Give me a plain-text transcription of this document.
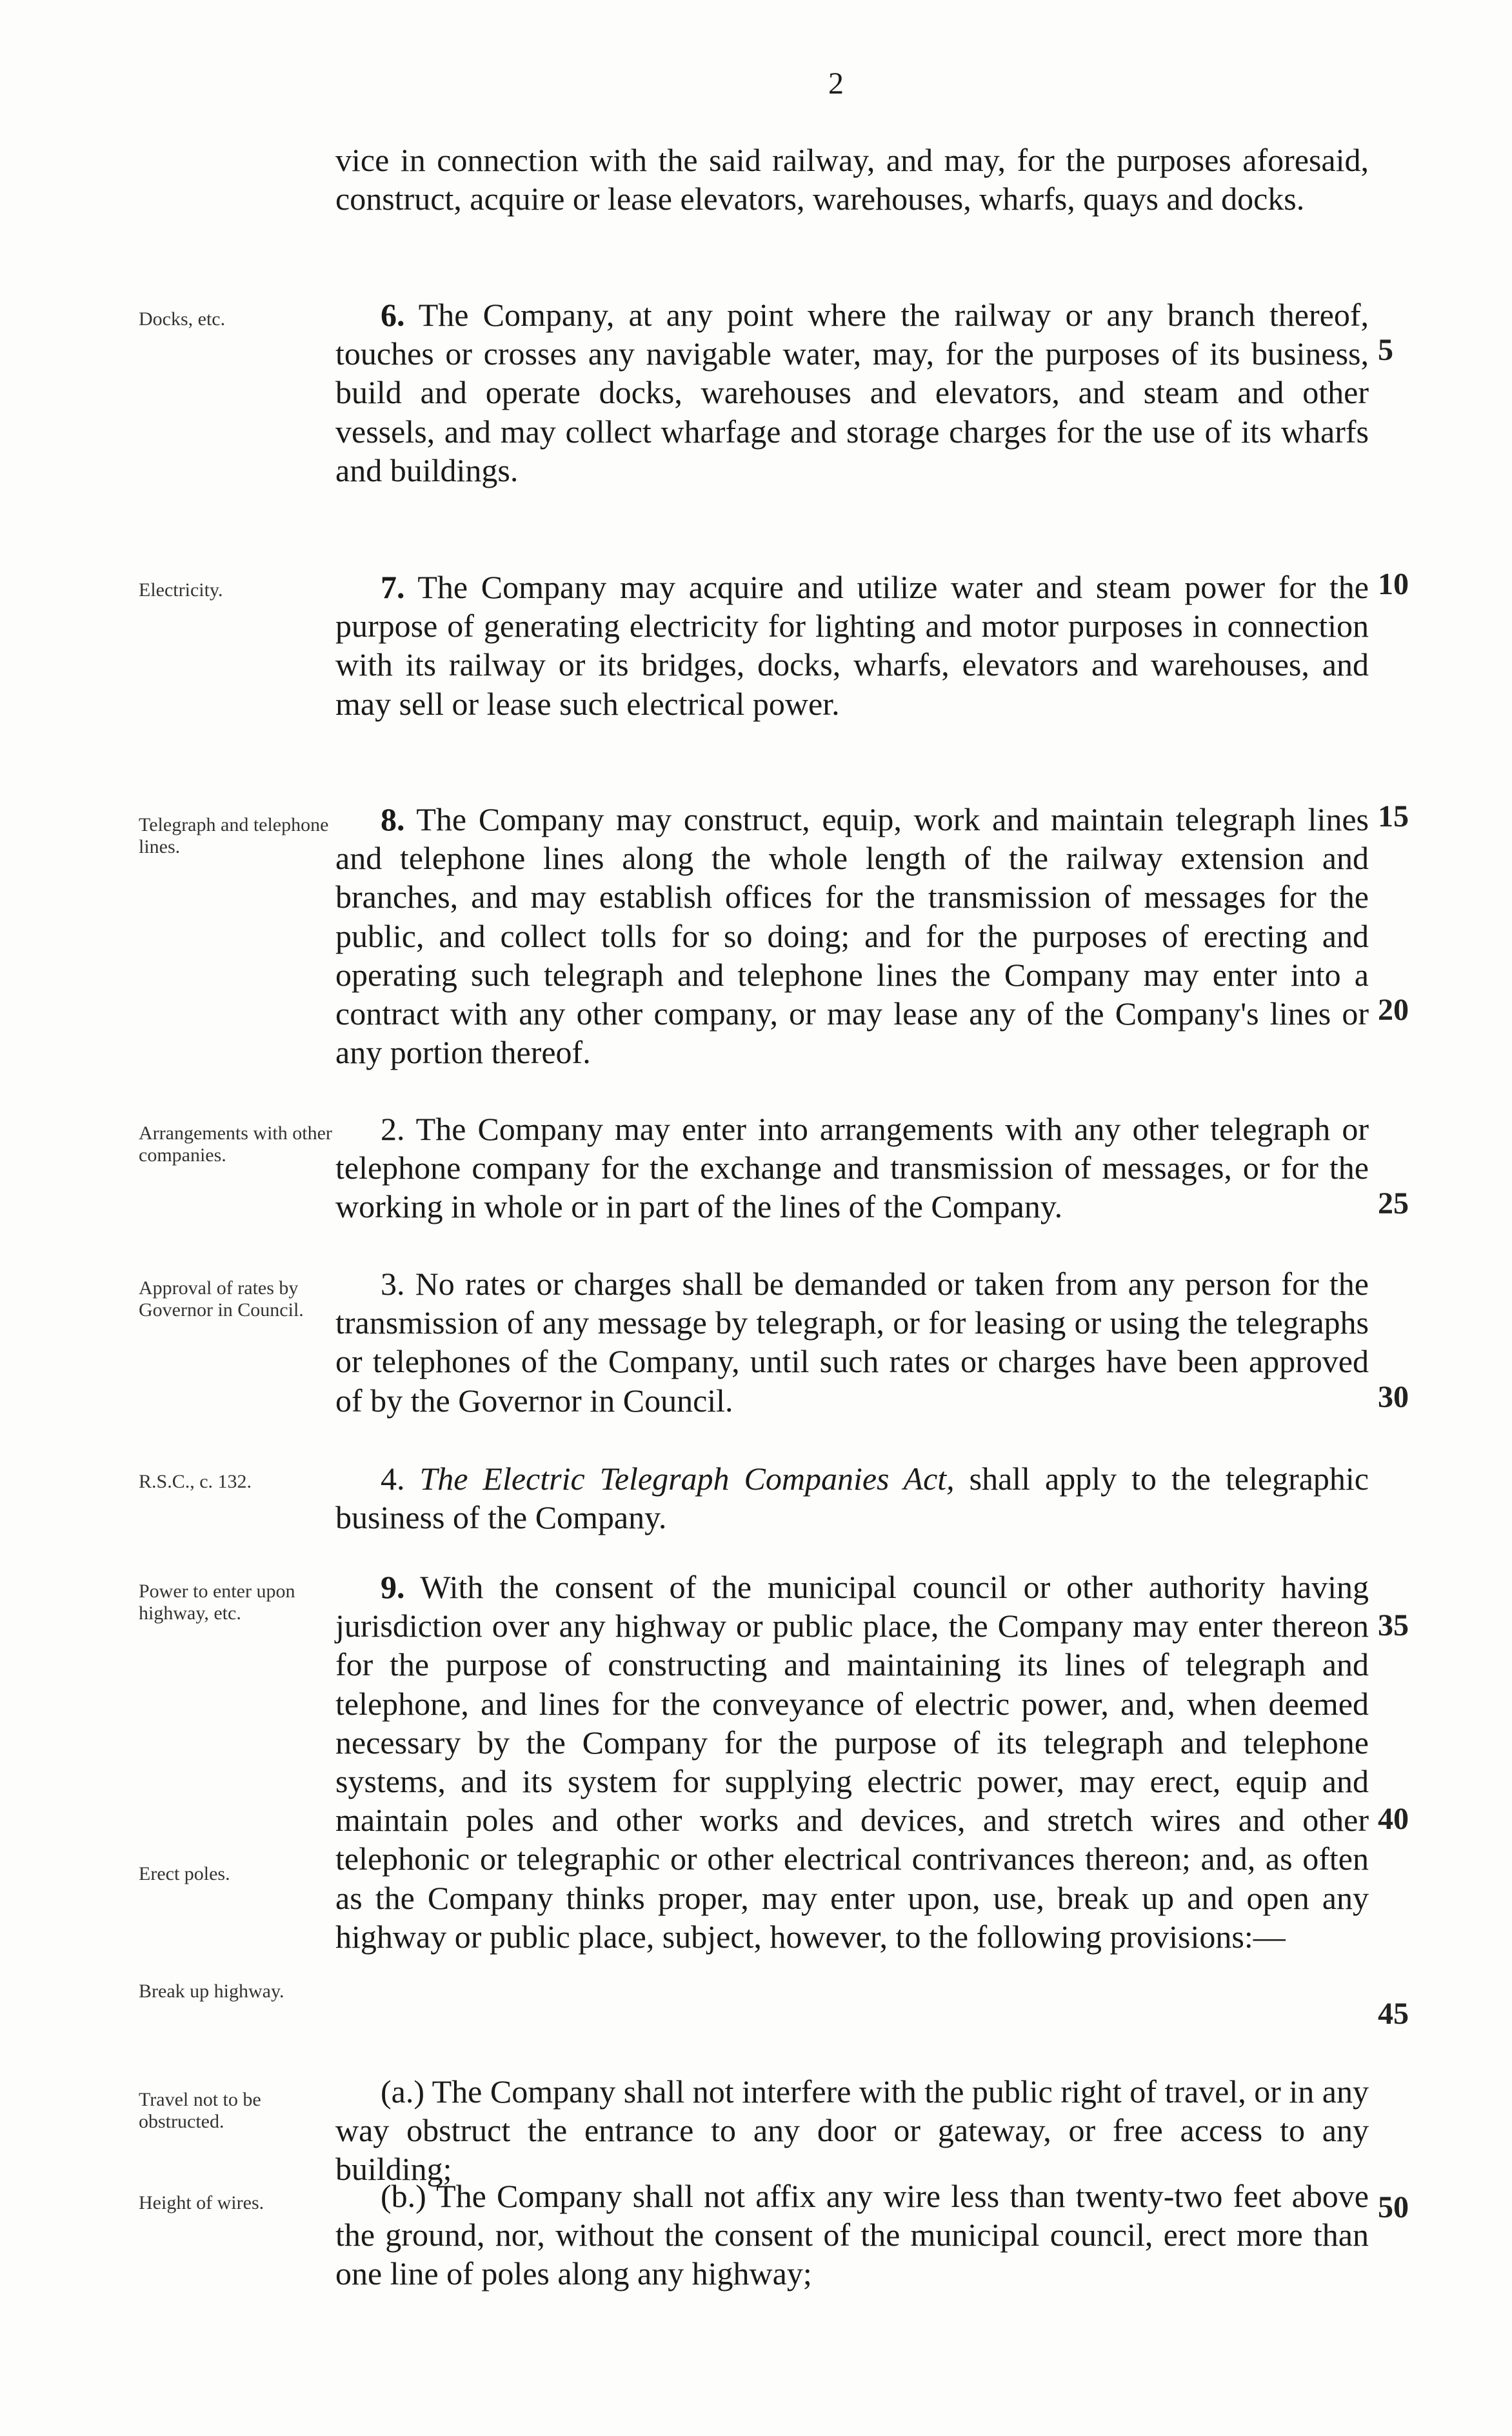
2
vice in connection with the said railway, and may, for the purposes aforesaid, construct, acquire or lease elevators, warehouses, wharfs, quays and docks.
Docks, etc.	6. The Company, at any point where the railway or any branch thereof, touches or crosses any navigable water, may, for the purposes of its business, build and operate docks, warehouses and elevators, and steam and other vessels, and may collect wharfage and storage charges for the use of its wharfs and buildings.
Electricity.	7. The Company may acquire and utilize water and steam power for the purpose of generating electricity for lighting and motor purposes in connection with its railway or its bridges, docks, wharfs, elevators and warehouses, and may sell or lease such electrical power.
Telegraph and telephone lines.
8. The Company may construct, equip, work and maintain telegraph lines and telephone lines along the whole length of the railway extension and branches, and may establish offices for the transmission of messages for the public, and collect tolls for so doing; and for the purposes of erecting and operating such telegraph and telephone lines the Company may enter into a contract with any other company, or may lease any of the Company's lines or any portion thereof.
Arrangements with other companies.
2. The Company may enter into arrangements with any other telegraph or telephone company for the exchange and transmission of messages, or for the working in whole or in part of the lines of the Company.
Approval of rates by Governor in Council.
3. No rates or charges shall be demanded or taken from any person for the transmission of any message by telegraph, or for leasing or using the telegraphs or telephones of the Company, until such rates or charges have been approved of by the Governor in Council.
R.S.C., c. 132.	4. The Electric Telegraph Companies Act, shall apply to the telegraphic business of the Company.
Power to enter upon highway, etc.
9. With the consent of the municipal council or other authority having jurisdiction over any highway or public place, the Company may enter thereon for the purpose of constructing and maintaining its lines of telegraph and telephone, and lines for the conveyance of electric power, and, when deemed necessary by the Company for the purpose of its telegraph and telephone systems, and its system for supplying electric power, may erect, equip and maintain poles and other works and devices, and stretch wires and other telephonic or telegraphic or other electrical contrivances thereon; and, as often as the Company thinks proper, may enter upon, use, break up and open any highway or public place, subject, however, to the following provisions:—
Erect poles.
Break up highway.
Travel not to be obstructed.
(a.) The Company shall not interfere with the public right of travel, or in any way obstruct the entrance to any door or gateway, or free access to any building;
Height of wires.	(b.) The Company shall not affix any wire less than twenty-two feet above the ground, nor, without the consent of the municipal council, erect more than one line of poles along any highway;
5
10
15
20
25
30
35
40
45
50
